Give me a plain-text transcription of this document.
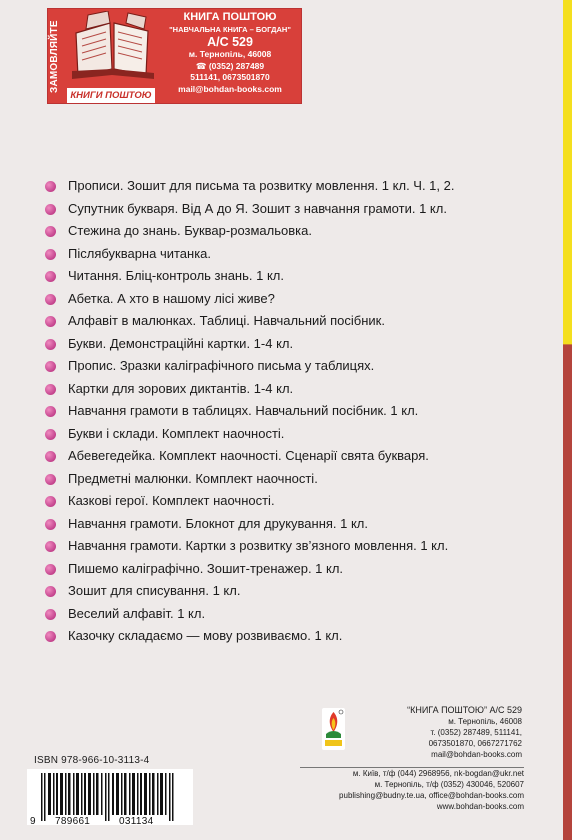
ЗАМОВЛЯЙТЕ
КНИГИ ПОШТОЮ
КНИГА ПОШТОЮ
"НАВЧАЛЬНА КНИГА – БОГДАН"
А/С 529
м. Тернопіль, 46008
☎ (0352) 287489
511141, 0673501870
mail@bohdan-books.com
Прописи. Зошит для письма та розвитку мовлення. 1 кл. Ч. 1, 2.
Супутник букваря. Від А до Я. Зошит з навчання грамоти. 1 кл.
Стежина до знань. Буквар-розмальовка.
Післябукварна читанка.
Читання. Бліц-контроль знань. 1 кл.
Абетка. А хто в нашому лісі живе?
Алфавіт в малюнках. Таблиці. Навчальний посібник.
Букви. Демонстраційні картки. 1-4 кл.
Пропис. Зразки каліграфічного письма у таблицях.
Картки для зорових диктантів. 1-4 кл.
Навчання грамоти в таблицях. Навчальний посібник. 1 кл.
Букви і склади. Комплект наочності.
Абевегедейка. Комплект наочності. Сценарії свята букваря.
Предметні малюнки. Комплект наочності.
Казкові герої. Комплект наочності.
Навчання грамоти. Блокнот для друкування. 1 кл.
Навчання грамоти. Картки з розвитку зв’язного мовлення. 1 кл.
Пишемо каліграфічно. Зошит-тренажер. 1 кл.
Зошит для списування. 1 кл.
Веселий алфавіт. 1 кл.
Казочку складаємо — мову розвиваємо. 1 кл.
“КНИГА ПОШТОЮ” А/С 529
м. Тернопіль, 46008
т. (0352) 287489, 511141,
0673501870, 0667271762
mail@bohdan-books.com
ISBN 978-966-10-3113-4
9 789661	031134
м. Київ, т/ф (044) 2968956, nk-bogdan@ukr.net
м. Тернопіль, т/ф (0352) 430046, 520607
publishing@budny.te.ua, office@bohdan-books.com
www.bohdan-books.com
